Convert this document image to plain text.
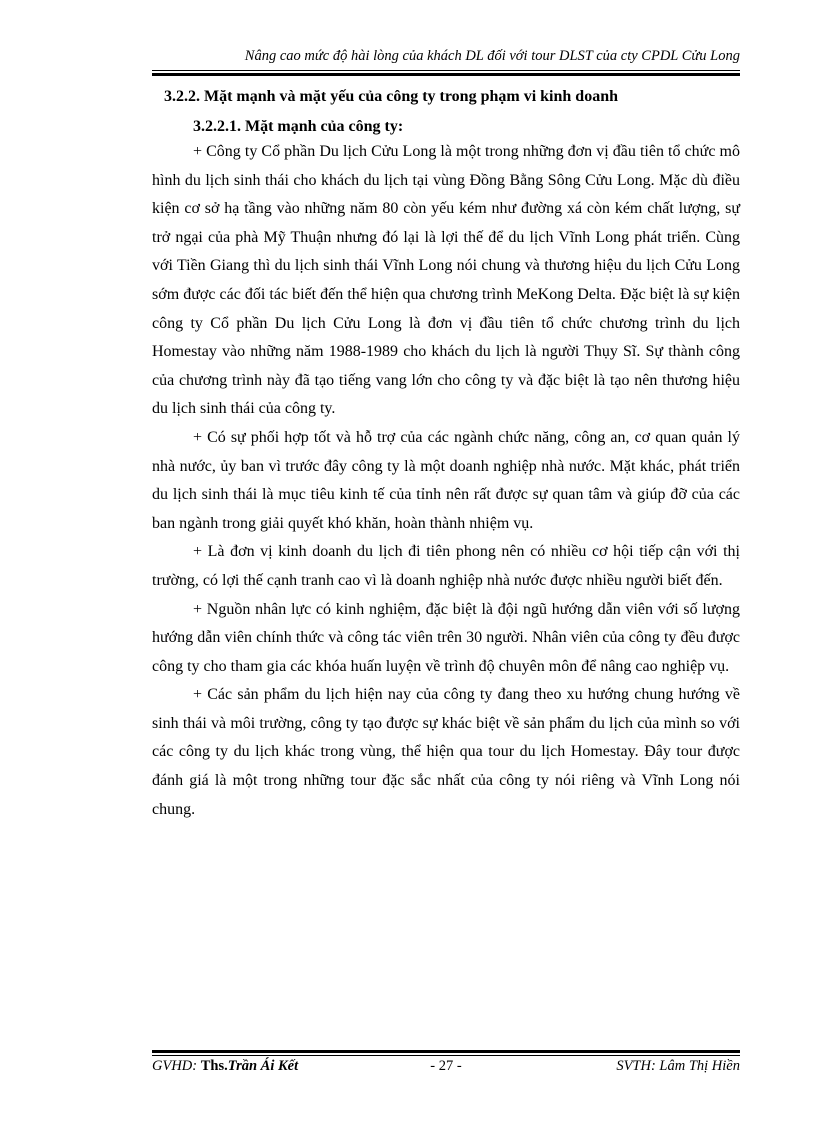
Nâng cao mức độ hài lòng của khách DL đối với tour DLST của cty CPDL Cửu Long
3.2.2. Mặt mạnh và mặt yếu của công ty trong phạm vi kinh doanh
3.2.2.1. Mặt mạnh của công ty:

+ Công ty Cổ phần Du lịch Cửu Long là một trong những đơn vị đầu tiên tổ chức mô hình du lịch sinh thái cho khách du lịch tại vùng Đồng Bằng Sông Cửu Long. Mặc dù điều kiện cơ sở hạ tầng vào những năm 80 còn yếu kém như đường xá còn kém chất lượng, sự trở ngại của phà Mỹ Thuận nhưng đó lại là lợi thế để du lịch Vĩnh Long phát triển. Cùng với Tiền Giang thì du lịch sinh thái Vĩnh Long nói chung và thương hiệu du lịch Cửu Long sớm được các đối tác biết đến thể hiện qua chương trình MeKong Delta. Đặc biệt là sự kiện công ty Cổ phần Du lịch Cửu Long là đơn vị đầu tiên tổ chức chương trình du lịch Homestay vào những năm 1988-1989 cho khách du lịch là người Thụy Sĩ. Sự thành công của chương trình này đã tạo tiếng vang lớn cho công ty và đặc biệt là tạo nên thương hiệu du lịch sinh thái của công ty.

+ Có sự phối hợp tốt và hỗ trợ của các ngành chức năng, công an, cơ quan quản lý nhà nước, ủy ban vì trước đây công ty là một doanh nghiệp nhà nước. Mặt khác, phát triển du lịch sinh thái là mục tiêu kinh tế của tỉnh nên rất được sự quan tâm và giúp đỡ của các ban ngành trong giải quyết khó khăn, hoàn thành nhiệm vụ.

+ Là đơn vị kinh doanh du lịch đi tiên phong nên có nhiều cơ hội tiếp cận với thị trường, có lợi thế cạnh tranh cao vì là doanh nghiệp nhà nước được nhiều người biết đến.

+ Nguồn nhân lực có kinh nghiệm, đặc biệt là đội ngũ hướng dẫn viên với số lượng hướng dẫn viên chính thức và công tác viên trên 30 người. Nhân viên của công ty đều được công ty cho tham gia các khóa huấn luyện về trình độ chuyên môn để nâng cao nghiệp vụ.

+ Các sản phẩm du lịch hiện nay của công ty đang theo xu hướng chung hướng về sinh thái và môi trường, công ty tạo được sự khác biệt về sản phẩm du lịch của mình so với các công ty du lịch khác trong vùng, thể hiện qua tour du lịch Homestay. Đây tour được đánh giá là một trong những tour đặc sắc nhất của công ty nói riêng và Vĩnh Long nói chung.

GVHD: Ths.Trần Ái Kết	- 27 -	SVTH: Lâm Thị Hiền
